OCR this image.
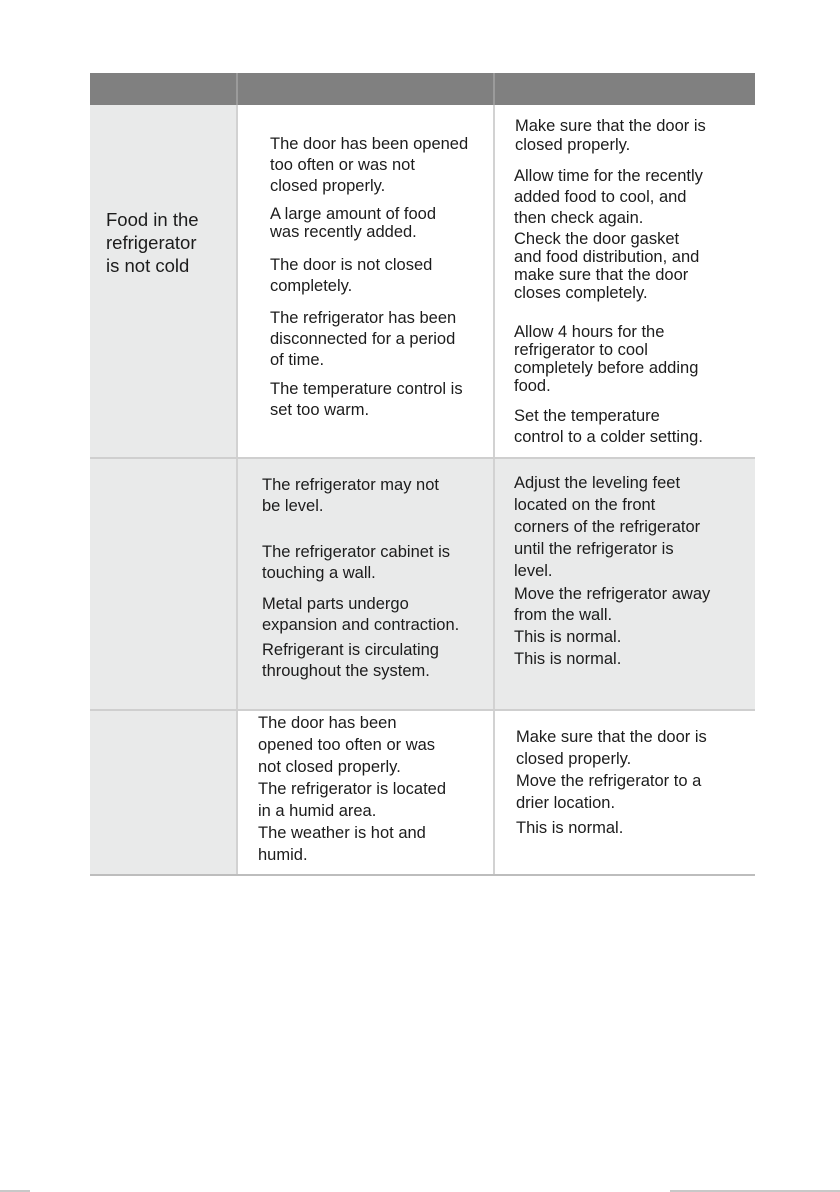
Food in the
refrigerator
is not cold
The door has been opened
too often or was not
closed properly.
A large amount of food
was recently added.
The door is not closed
completely.
The refrigerator has been
disconnected for a period
of time.
The temperature control is
set too warm.
Make sure that the door is
closed properly.
Allow time for the recently
added food to cool, and
then check again.
Check the door gasket
and food distribution, and
make sure that the door
closes completely.
Allow 4 hours for the
refrigerator to cool
completely before adding
food.
Set the temperature
control to a colder setting.
The refrigerator may not
be level.
The refrigerator cabinet is
touching a wall.
Metal parts undergo
expansion and contraction.
Refrigerant is circulating
throughout the system.
Adjust the leveling feet
located on the front
corners of the refrigerator
until the refrigerator is
level.
Move the refrigerator away
from the wall.
This is normal.
This is normal.
The door has been
opened too often or was
not closed properly.
The refrigerator is located
in a humid area.
The weather is hot and
humid.
Make sure that the door is
closed properly.
Move the refrigerator to a
drier location.
This is normal.
